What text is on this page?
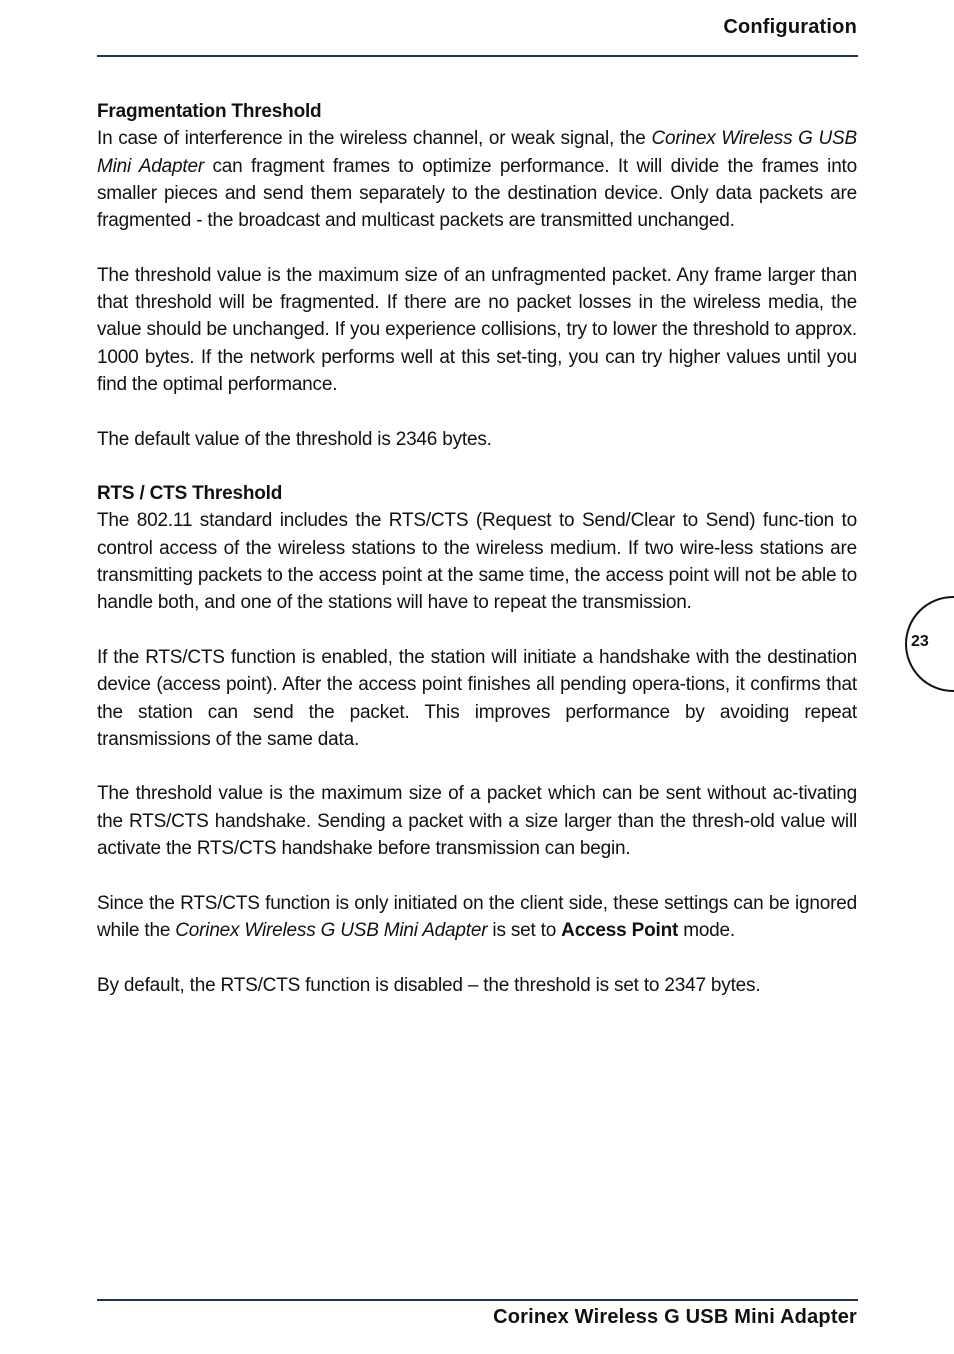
Configuration
Fragmentation Threshold

In case of interference in the wireless channel, or weak signal, the Corinex Wireless G USB Mini Adapter can fragment frames to optimize performance. It will divide the frames into smaller pieces and send them separately to the destination device. Only data packets are fragmented - the broadcast and multicast packets are transmitted unchanged.

The threshold value is the maximum size of an unfragmented packet. Any frame larger than that threshold will be fragmented. If there are no packet losses in the wireless media, the value should be unchanged. If you experience collisions, try to lower the threshold to approx. 1000 bytes. If the network performs well at this set-ting, you can try higher values until you find the optimal performance.

The default value of the threshold is 2346 bytes.

RTS / CTS Threshold

The 802.11 standard includes the RTS/CTS (Request to Send/Clear to Send) func-tion to control access of the wireless stations to the wireless medium. If two wire-less stations are transmitting packets to the access point at the same time, the access point will not be able to handle both, and one of the stations will have to repeat the transmission.

If the RTS/CTS function is enabled, the station will initiate a handshake with the destination device (access point). After the access point finishes all pending opera-tions, it confirms that the station can send the packet. This improves performance by avoiding repeat transmissions of the same data.

The threshold value is the maximum size of a packet which can be sent without ac-tivating the RTS/CTS handshake. Sending a packet with a size larger than the thresh-old value will activate the RTS/CTS handshake before transmission can begin.

Since the RTS/CTS function is only initiated on the client side, these settings can be ignored while the Corinex Wireless G USB Mini Adapter is set to Access Point mode.

By default, the RTS/CTS function is disabled – the threshold is set to 2347 bytes.

23
Corinex Wireless G USB Mini Adapter
